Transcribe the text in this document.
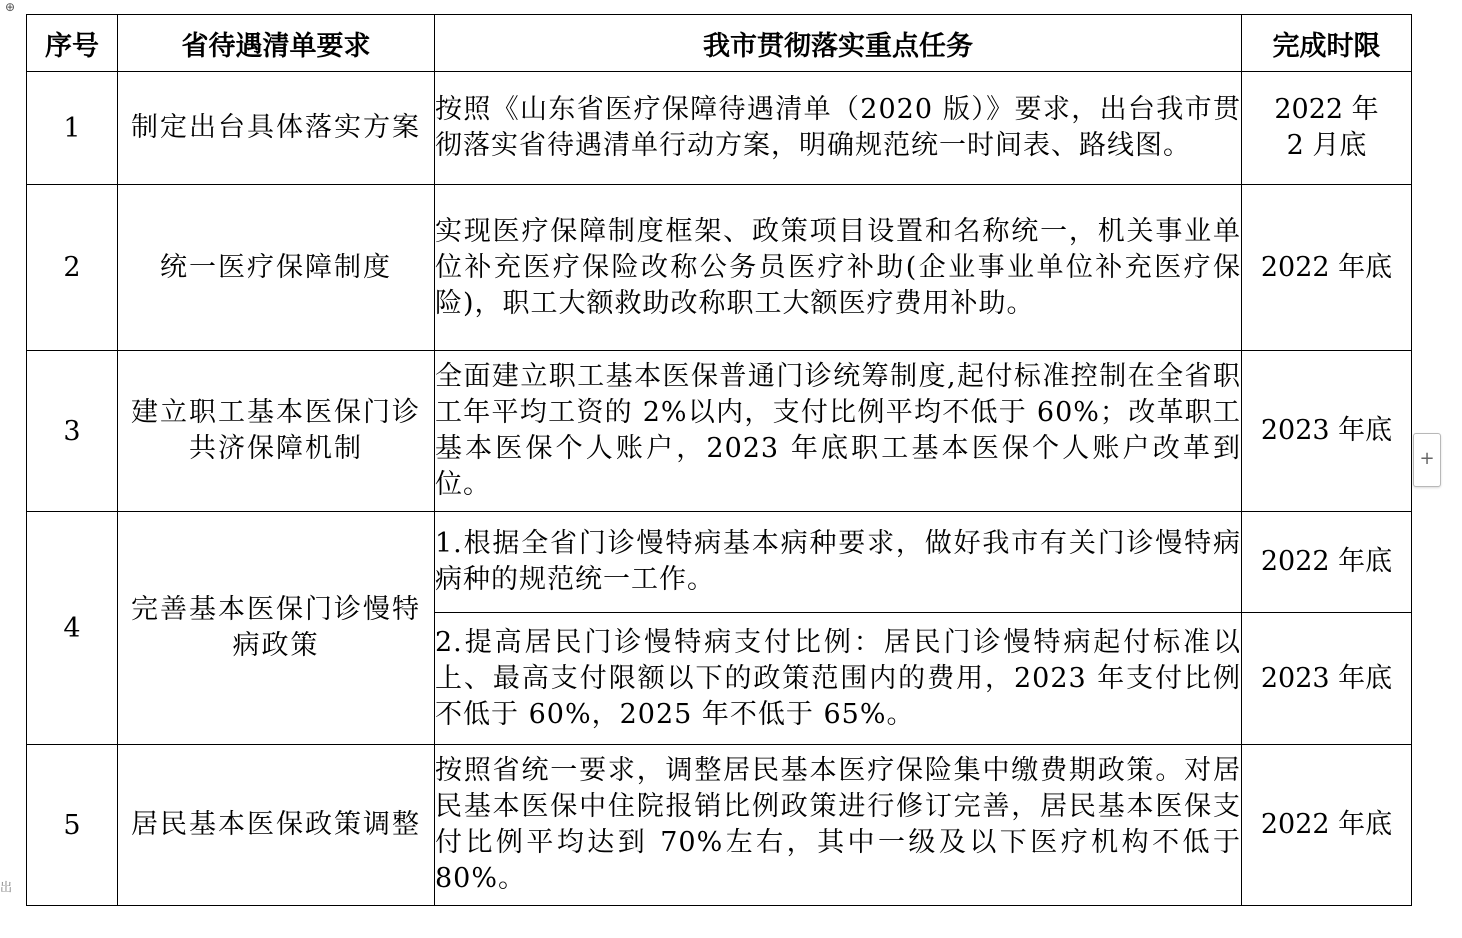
⊕
序号	省待遇清单要求	我市贯彻落实重点任务	完成时限
1	制定出台具体落实方案	按照《山东省医疗保障待遇清单（2020 版）》要求，出台我市贯彻落实省待遇清单行动方案，明确规范统一时间表、路线图。	2022 年 2 月底
2	统一医疗保障制度	实现医疗保障制度框架、政策项目设置和名称统一，机关事业单位补充医疗保险改称公务员医疗补助(企业事业单位补充医疗保险)，职工大额救助改称职工大额医疗费用补助。	2022 年底
3	建立职工基本医保门诊共济保障机制	全面建立职工基本医保普通门诊统筹制度,起付标准控制在全省职工年平均工资的 2%以内，支付比例平均不低于 60%；改革职工基本医保个人账户，2023 年底职工基本医保个人账户改革到位。	2023 年底
4	完善基本医保门诊慢特病政策	1.根据全省门诊慢特病基本病种要求，做好我市有关门诊慢特病病种的规范统一工作。	2022 年底
		2.提高居民门诊慢特病支付比例：居民门诊慢特病起付标准以上、最高支付限额以下的政策范围内的费用，2023 年支付比例不低于 60%，2025 年不低于 65%。	2023 年底
5	居民基本医保政策调整	按照省统一要求，调整居民基本医疗保险集中缴费期政策。对居民基本医保中住院报销比例政策进行修订完善，居民基本医保支付比例平均达到 70%左右，其中一级及以下医疗机构不低于 80%。	2022 年底
+
岀
